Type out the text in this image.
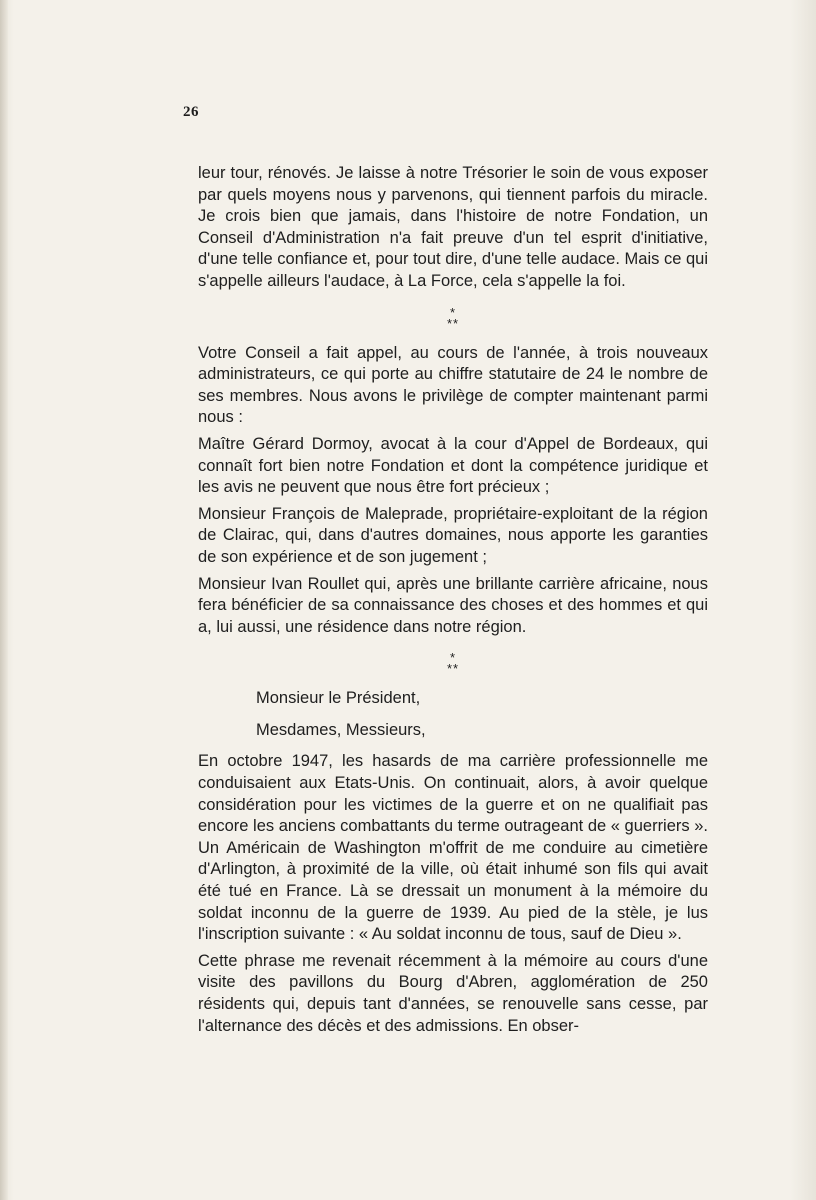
26

leur tour, rénovés. Je laisse à notre Trésorier le soin de vous exposer par quels moyens nous y parvenons, qui tiennent parfois du miracle. Je crois bien que jamais, dans l'histoire de notre Fondation, un Conseil d'Administration n'a fait preuve d'un tel esprit d'initiative, d'une telle confiance et, pour tout dire, d'une telle audace. Mais ce qui s'appelle ailleurs l'audace, à La Force, cela s'appelle la foi.

*
**

Votre Conseil a fait appel, au cours de l'année, à trois nouveaux administrateurs, ce qui porte au chiffre statutaire de 24 le nombre de ses membres. Nous avons le privilège de compter maintenant parmi nous :

Maître Gérard Dormoy, avocat à la cour d'Appel de Bordeaux, qui connaît fort bien notre Fondation et dont la compétence juridique et les avis ne peuvent que nous être fort précieux ;

Monsieur François de Maleprade, propriétaire-exploitant de la région de Clairac, qui, dans d'autres domaines, nous apporte les garanties de son expérience et de son jugement ;

Monsieur Ivan Roullet qui, après une brillante carrière africaine, nous fera bénéficier de sa connaissance des choses et des hommes et qui a, lui aussi, une résidence dans notre région.

*
**

Monsieur le Président,

Mesdames, Messieurs,

En octobre 1947, les hasards de ma carrière professionnelle me conduisaient aux Etats-Unis. On continuait, alors, à avoir quelque considération pour les victimes de la guerre et on ne qualifiait pas encore les anciens combattants du terme outrageant de « guerriers ». Un Américain de Washington m'offrit de me conduire au cimetière d'Arlington, à proximité de la ville, où était inhumé son fils qui avait été tué en France. Là se dressait un monument à la mémoire du soldat inconnu de la guerre de 1939. Au pied de la stèle, je lus l'inscription suivante : « Au soldat inconnu de tous, sauf de Dieu ».

Cette phrase me revenait récemment à la mémoire au cours d'une visite des pavillons du Bourg d'Abren, agglomération de 250 résidents qui, depuis tant d'années, se renouvelle sans cesse, par l'alternance des décès et des admissions. En obser-
